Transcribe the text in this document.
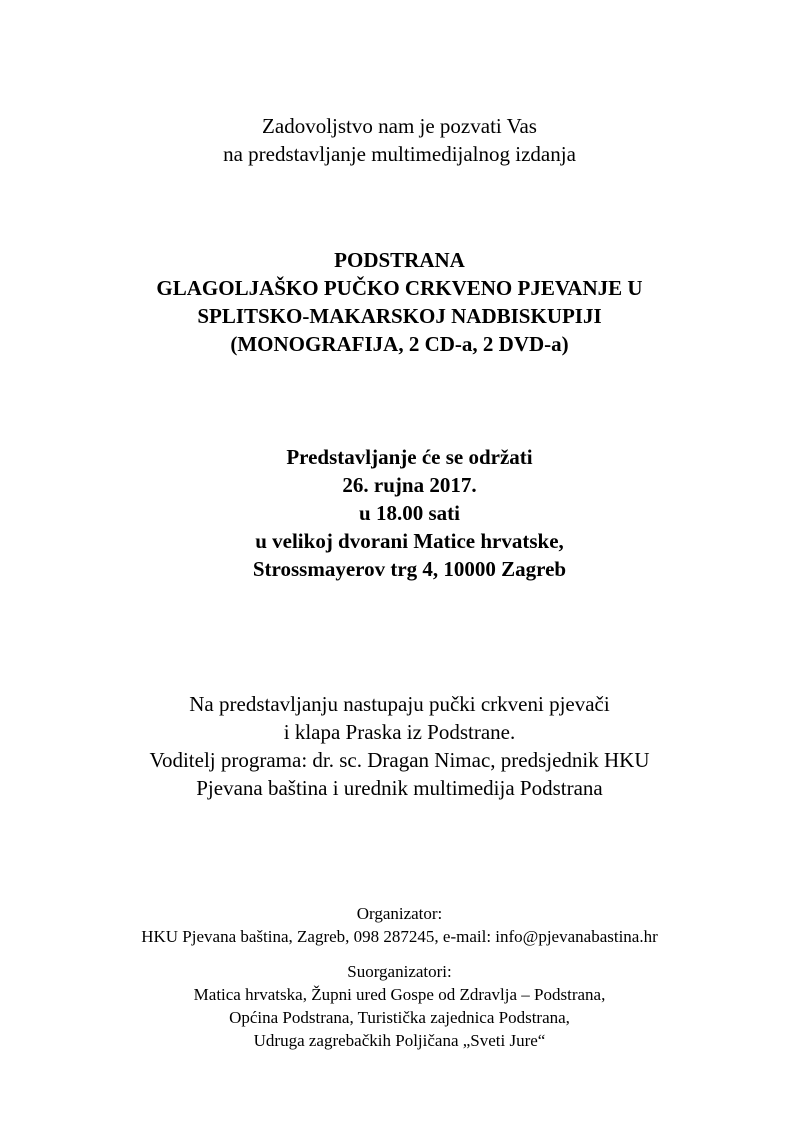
Zadovoljstvo nam je pozvati Vas
na predstavljanje multimedijalnog izdanja
PODSTRANA
GLAGOLJAŠKO PUČKO CRKVENO PJEVANJE U
SPLITSKO-MAKARSKOJ NADBISKUPIJI
(MONOGRAFIJA, 2 CD-a, 2 DVD-a)
Predstavljanje će se održati
26. rujna 2017.
u 18.00 sati
u velikoj dvorani Matice hrvatske,
Strossmayerov trg 4, 10000 Zagreb
Na predstavljanju nastupaju pučki crkveni pjevači
i klapa Praska iz Podstrane.
Voditelj programa: dr. sc. Dragan Nimac, predsjednik HKU
Pjevana baština i urednik multimedija Podstrana
Organizator:
HKU Pjevana baština, Zagreb, 098 287245, e-mail: info@pjevanabastina.hr
Suorganizatori:
Matica hrvatska, Župni ured Gospe od Zdravlja – Podstrana,
Općina Podstrana, Turistička zajednica Podstrana,
Udruga zagrebačkih Poljičana „Sveti Jure“
